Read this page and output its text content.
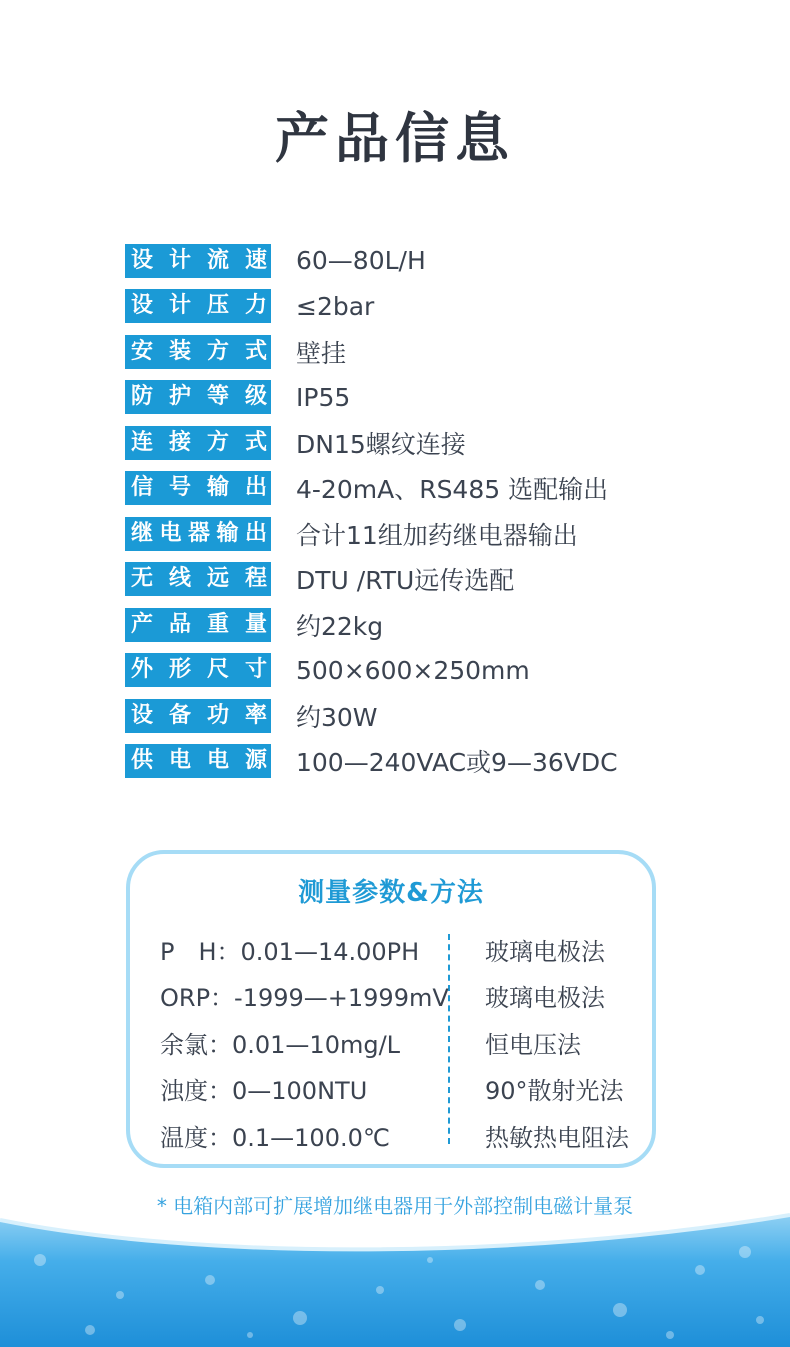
产品信息
设 计 流 速 60—80L/H
设 计 压 力 ≤2bar
安 装 方 式 壁挂
防 护 等 级 IP55
连 接 方 式 DN15螺纹连接
信 号 输 出 4-20mA、RS485 选配输出
继 电 器 输 出 合计11组加药继电器输出
无 线 远 程 DTU /RTU远传选配
产 品 重 量 约22kg
外 形 尺 寸 500×600×250mm
设 备 功 率 约30W
供 电 电 源 100—240VAC或9—36VDC
测量参数&方法
P　H：0.01—14.00PH	玻璃电极法
ORP：-1999—+1999mV	玻璃电极法
余氯：0.01—10mg/L	恒电压法
浊度：0—100NTU	90°散射光法
温度：0.1—100.0℃	热敏热电阻法
* 电箱内部可扩展增加继电器用于外部控制电磁计量泵
